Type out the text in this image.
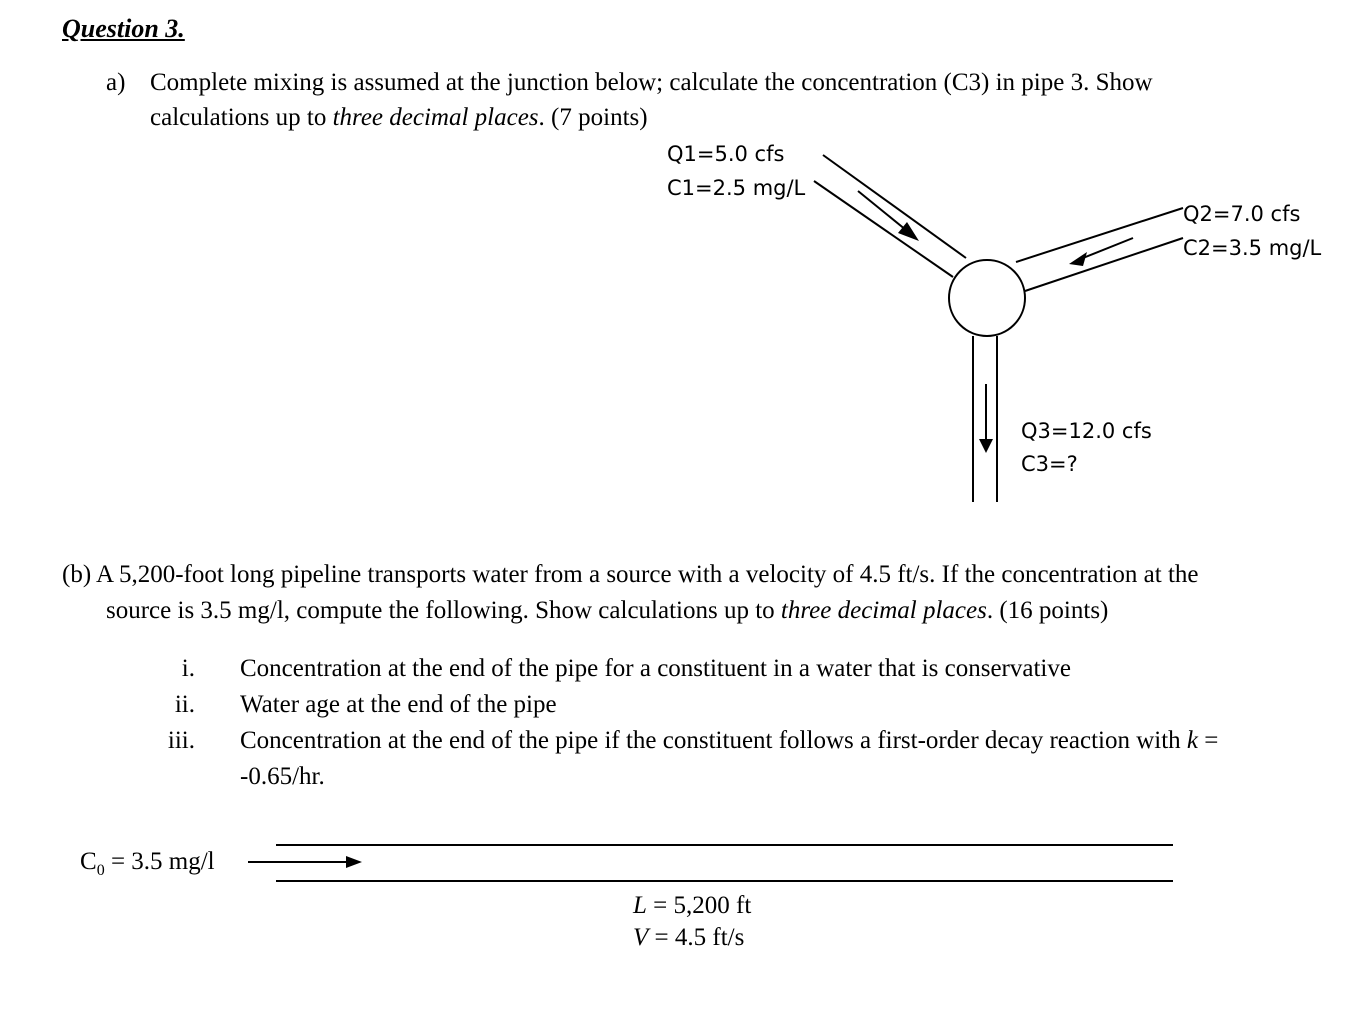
Question 3.
a) Complete mixing is assumed at the junction below; calculate the concentration (C3) in pipe 3. Show
calculations up to three decimal places. (7 points)
Q1=5.0 cfs
C1=2.5 mg/L
Q2=7.0 cfs
C2=3.5 mg/L
Q3=12.0 cfs
C3=?
(b) A 5,200-foot long pipeline transports water from a source with a velocity of 4.5 ft/s. If the concentration at the
source is 3.5 mg/l, compute the following. Show calculations up to three decimal places. (16 points)
i. Concentration at the end of the pipe for a constituent in a water that is conservative
ii. Water age at the end of the pipe
iii. Concentration at the end of the pipe if the constituent follows a first-order decay reaction with k =
-0.65/hr.
$C_0 = 3.5$ mg/l
L = 5,200 ft
V = 4.5 ft/s
